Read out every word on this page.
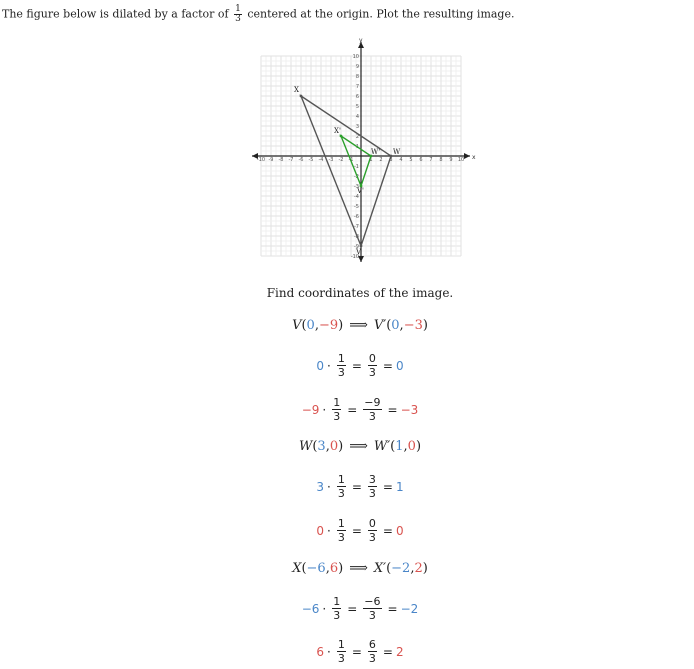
The figure below is dilated by a factor of $\frac{1}{3}$ centered at the origin. Plot the resulting image.
x
y
-10 -9 -8 -7 -6 -5 -4 -3 -2 -1	1 2 3 4 5 6 7 8 9 10
10
9
8
7
6
5
4
3
2
1
-1
-2
-3
-4
-5
-6
-7
-8
-9
-10
X
W
V
X'
W'
V'
Find coordinates of the image.
V(0,−9) ⟹ V′(0,−3)
$0 \cdot \frac{1}{3} = \frac{0}{3} = 0$
$-9 \cdot \frac{1}{3} = \frac{-9}{3} = -3$
W(3,0) ⟹ W′(1,0)
$3 \cdot \frac{1}{3} = \frac{3}{3} = 1$
$0 \cdot \frac{1}{3} = \frac{0}{3} = 0$
X(−6,6) ⟹ X′(−2,2)
$-6 \cdot \frac{1}{3} = \frac{-6}{3} = -2$
$6 \cdot \frac{1}{3} = \frac{6}{3} = 2$
